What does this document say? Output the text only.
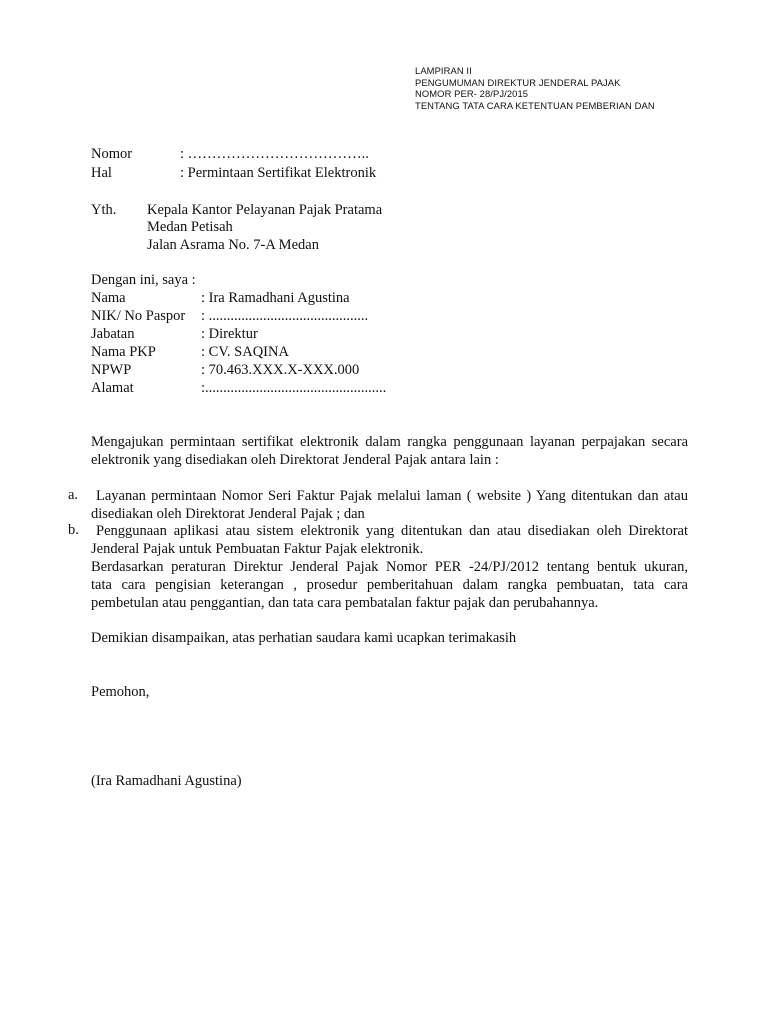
LAMPIRAN II
PENGUMUMAN DIREKTUR JENDERAL PAJAK
NOMOR PER- 28/PJ/2015
TENTANG TATA CARA KETENTUAN PEMBERIAN DAN
Nomor	: ………………………………..
Hal	: Permintaan Sertifikat Elektronik
Yth. Kepala Kantor Pelayanan Pajak Pratama
Medan Petisah
Jalan Asrama No. 7-A Medan
Dengan ini, saya :
Nama	: Ira Ramadhani Agustina
NIK/ No Paspor : ............................................
Jabatan	: Direktur
Nama PKP	: CV. SAQINA
NPWP	: 70.463.XXX.X-XXX.000
Alamat	:..................................................
Mengajukan permintaan sertifikat elektronik dalam rangka penggunaan layanan perpajakan secara
elektronik yang disediakan oleh Direktorat Jenderal Pajak antara lain :
a.	Layanan permintaan Nomor Seri Faktur Pajak melalui laman ( website ) Yang ditentukan dan atau
disediakan oleh Direktorat Jenderal Pajak ; dan
b.	Penggunaan aplikasi atau sistem elektronik yang ditentukan dan atau disediakan oleh Direktorat
Jenderal Pajak untuk Pembuatan Faktur Pajak elektronik.
Berdasarkan peraturan Direktur Jenderal Pajak Nomor PER -24/PJ/2012 tentang bentuk ukuran,
tata cara pengisian keterangan , prosedur pemberitahuan dalam rangka pembuatan, tata cara
pembetulan atau penggantian, dan tata cara pembatalan faktur pajak dan perubahannya.
Demikian disampaikan, atas perhatian saudara kami ucapkan terimakasih
Pemohon,
(Ira Ramadhani Agustina)
